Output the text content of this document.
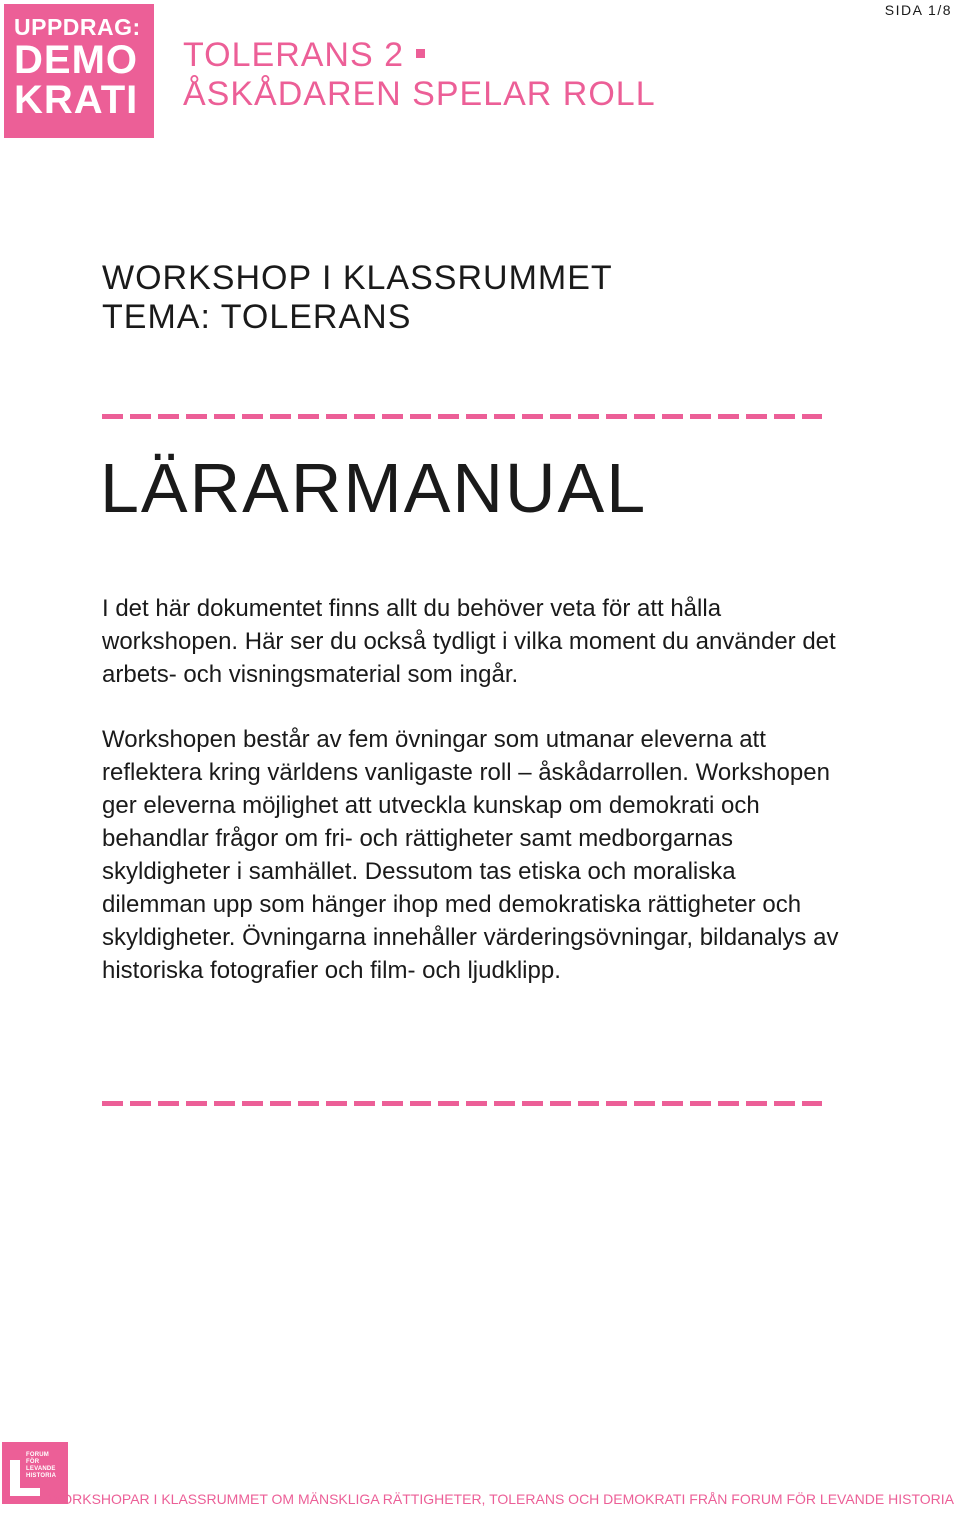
UPPDRAG:
DEMO
KRATI
SIDA 1/8
TOLERANS 2
ÅSKÅDAREN SPELAR ROLL
WORKSHOP I KLASSRUMMET
TEMA: TOLERANS
LÄRARMANUAL

I det här dokumentet finns allt du behöver veta för att hålla workshopen. Här ser du också tydligt i vilka moment du använder det arbets- och visningsmaterial som ingår.

Workshopen består av fem övningar som utmanar eleverna att reflektera kring världens vanligaste roll – åskådarrollen. Workshopen ger eleverna möjlighet att utveckla kunskap om demokrati och behandlar frågor om fri- och rättigheter samt medborgarnas skyldigheter i samhället. Dessutom tas etiska och moraliska dilemman upp som hänger ihop med demokratiska rättigheter och skyldigheter. Övningarna innehåller värderingsövningar, bildanalys av historiska fotografier och film- och ljudklipp.

FORUM
FÖR
LEVANDE
HISTORIA
WORKSHOPAR I KLASSRUMMET OM MÄNSKLIGA RÄTTIGHETER, TOLERANS OCH DEMOKRATI FRÅN FORUM FÖR LEVANDE HISTORIA
